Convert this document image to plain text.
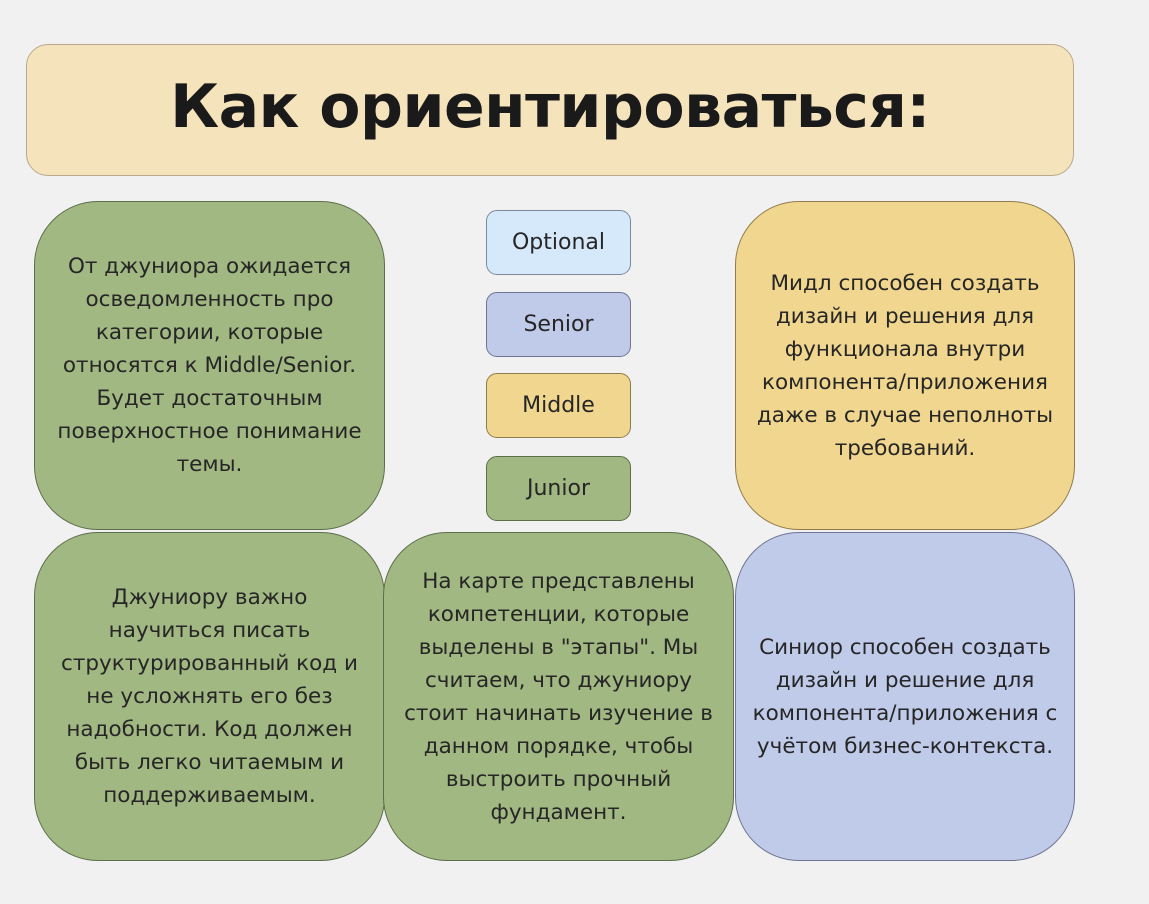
Как ориентироваться:
От джуниора ожидается осведомленность про категории, которые относятся к Middle/Senior. Будет достаточным поверхностное понимание темы.
Optional
Senior
Middle
Junior
Мидл способен создать дизайн и решения для функционала внутри компонента/приложения даже в случае неполноты требований.
Джуниору важно научиться писать структурированный код и не усложнять его без надобности. Код должен быть легко читаемым и поддерживаемым.
На карте представлены компетенции, которые выделены в "этапы". Мы считаем, что джуниору стоит начинать изучение в данном порядке, чтобы выстроить прочный фундамент.
Синиор способен создать дизайн и решение для компонента/приложения с учётом бизнес-контекста.
